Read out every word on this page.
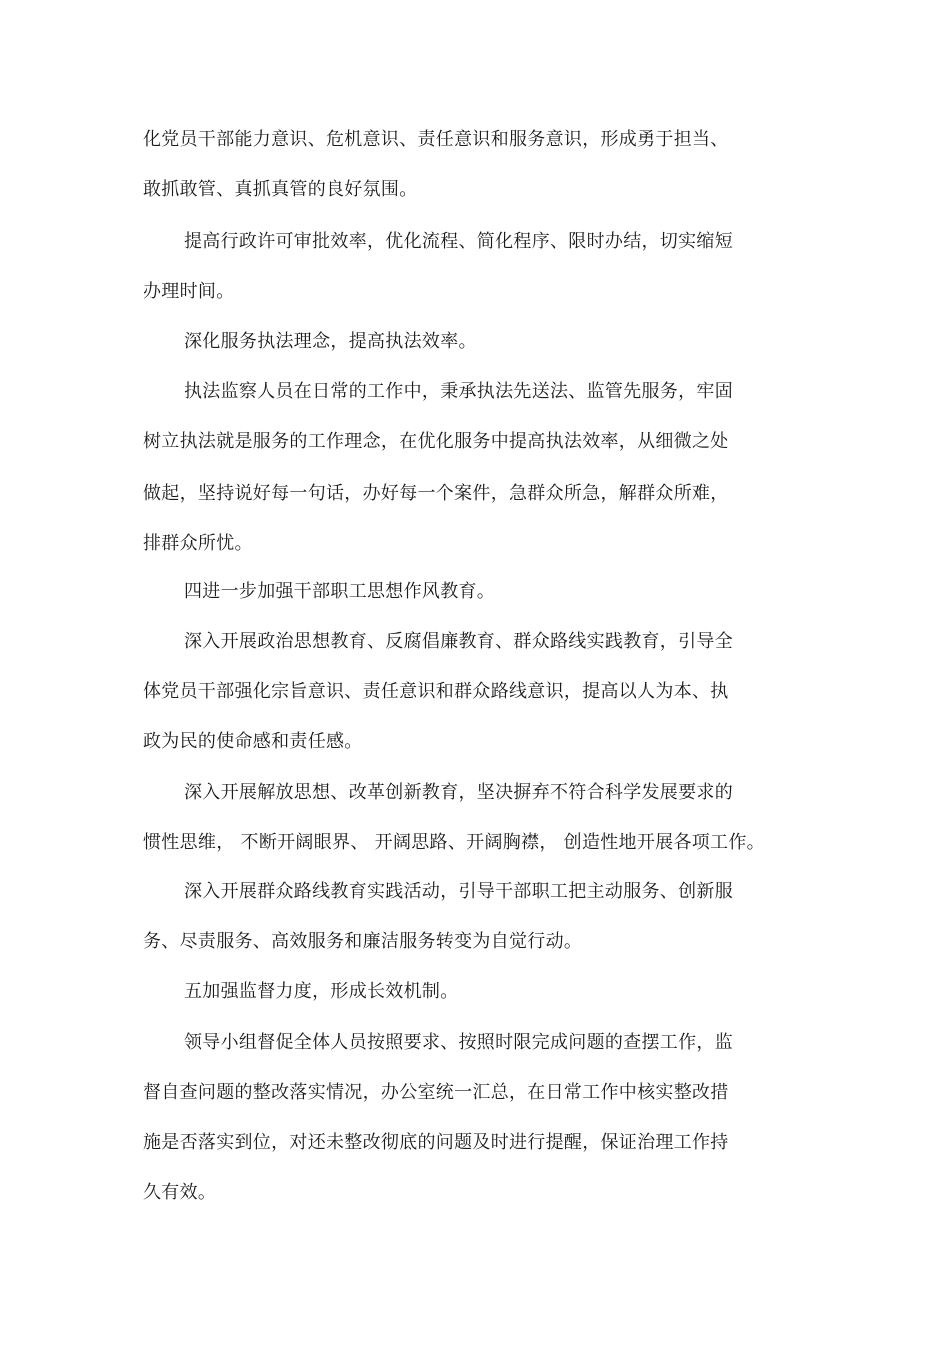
化党员干部能力意识、危机意识、责任意识和服务意识，形成勇于担当、
敢抓敢管、真抓真管的良好氛围。
提高行政许可审批效率，优化流程、简化程序、限时办结，切实缩短
办理时间。
深化服务执法理念，提高执法效率。
执法监察人员在日常的工作中，秉承执法先送法、监管先服务，牢固
树立执法就是服务的工作理念，在优化服务中提高执法效率，从细微之处
做起，坚持说好每一句话，办好每一个案件，急群众所急，解群众所难，
排群众所忧。
四进一步加强干部职工思想作风教育。
深入开展政治思想教育、反腐倡廉教育、群众路线实践教育，引导全
体党员干部强化宗旨意识、责任意识和群众路线意识，提高以人为本、执
政为民的使命感和责任感。
深入开展解放思想、改革创新教育，坚决摒弃不符合科学发展要求的
惯性思维， 不断开阔眼界、 开阔思路、开阔胸襟， 创造性地开展各项工作。
深入开展群众路线教育实践活动，引导干部职工把主动服务、创新服
务、尽责服务、高效服务和廉洁服务转变为自觉行动。
五加强监督力度，形成长效机制。
领导小组督促全体人员按照要求、按照时限完成问题的查摆工作，监
督自查问题的整改落实情况，办公室统一汇总，在日常工作中核实整改措
施是否落实到位，对还未整改彻底的问题及时进行提醒，保证治理工作持
久有效。
